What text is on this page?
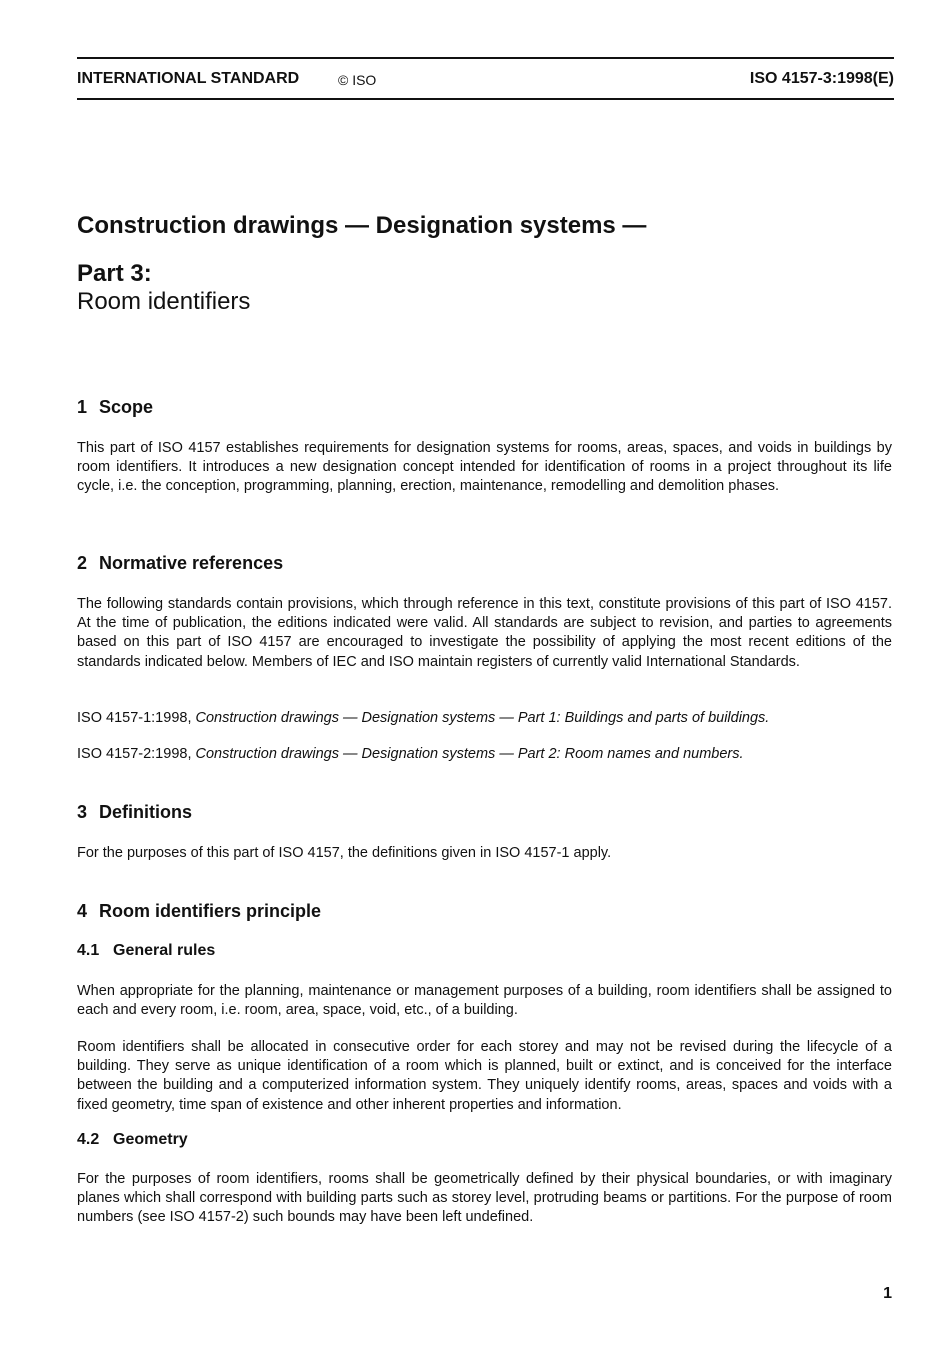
INTERNATIONAL STANDARD	© ISO	ISO 4157-3:1998(E)
Construction drawings — Designation systems —
Part 3:
Room identifiers
1 Scope

This part of ISO 4157 establishes requirements for designation systems for rooms, areas, spaces, and voids in buildings by room identifiers. It introduces a new designation concept intended for identification of rooms in a project throughout its life cycle, i.e. the conception, programming, planning, erection, maintenance, remodelling and demolition phases.

2 Normative references

The following standards contain provisions, which through reference in this text, constitute provisions of this part of ISO 4157. At the time of publication, the editions indicated were valid. All standards are subject to revision, and parties to agreements based on this part of ISO 4157 are encouraged to investigate the possibility of applying the most recent editions of the standards indicated below. Members of IEC and ISO maintain registers of currently valid International Standards.

ISO 4157-1:1998, Construction drawings — Designation systems — Part 1: Buildings and parts of buildings.

ISO 4157-2:1998, Construction drawings — Designation systems — Part 2: Room names and numbers.

3 Definitions

For the purposes of this part of ISO 4157, the definitions given in ISO 4157-1 apply.

4 Room identifiers principle
4.1 General rules

When appropriate for the planning, maintenance or management purposes of a building, room identifiers shall be assigned to each and every room, i.e. room, area, space, void, etc., of a building.

Room identifiers shall be allocated in consecutive order for each storey and may not be revised during the lifecycle of a building. They serve as unique identification of a room which is planned, built or extinct, and is conceived for the interface between the building and a computerized information system. They uniquely identify rooms, areas, spaces and voids with a fixed geometry, time span of existence and other inherent properties and information.

4.2 Geometry

For the purposes of room identifiers, rooms shall be geometrically defined by their physical boundaries, or with imaginary planes which shall correspond with building parts such as storey level, protruding beams or partitions. For the purpose of room numbers (see ISO 4157-2) such bounds may have been left undefined.

1
